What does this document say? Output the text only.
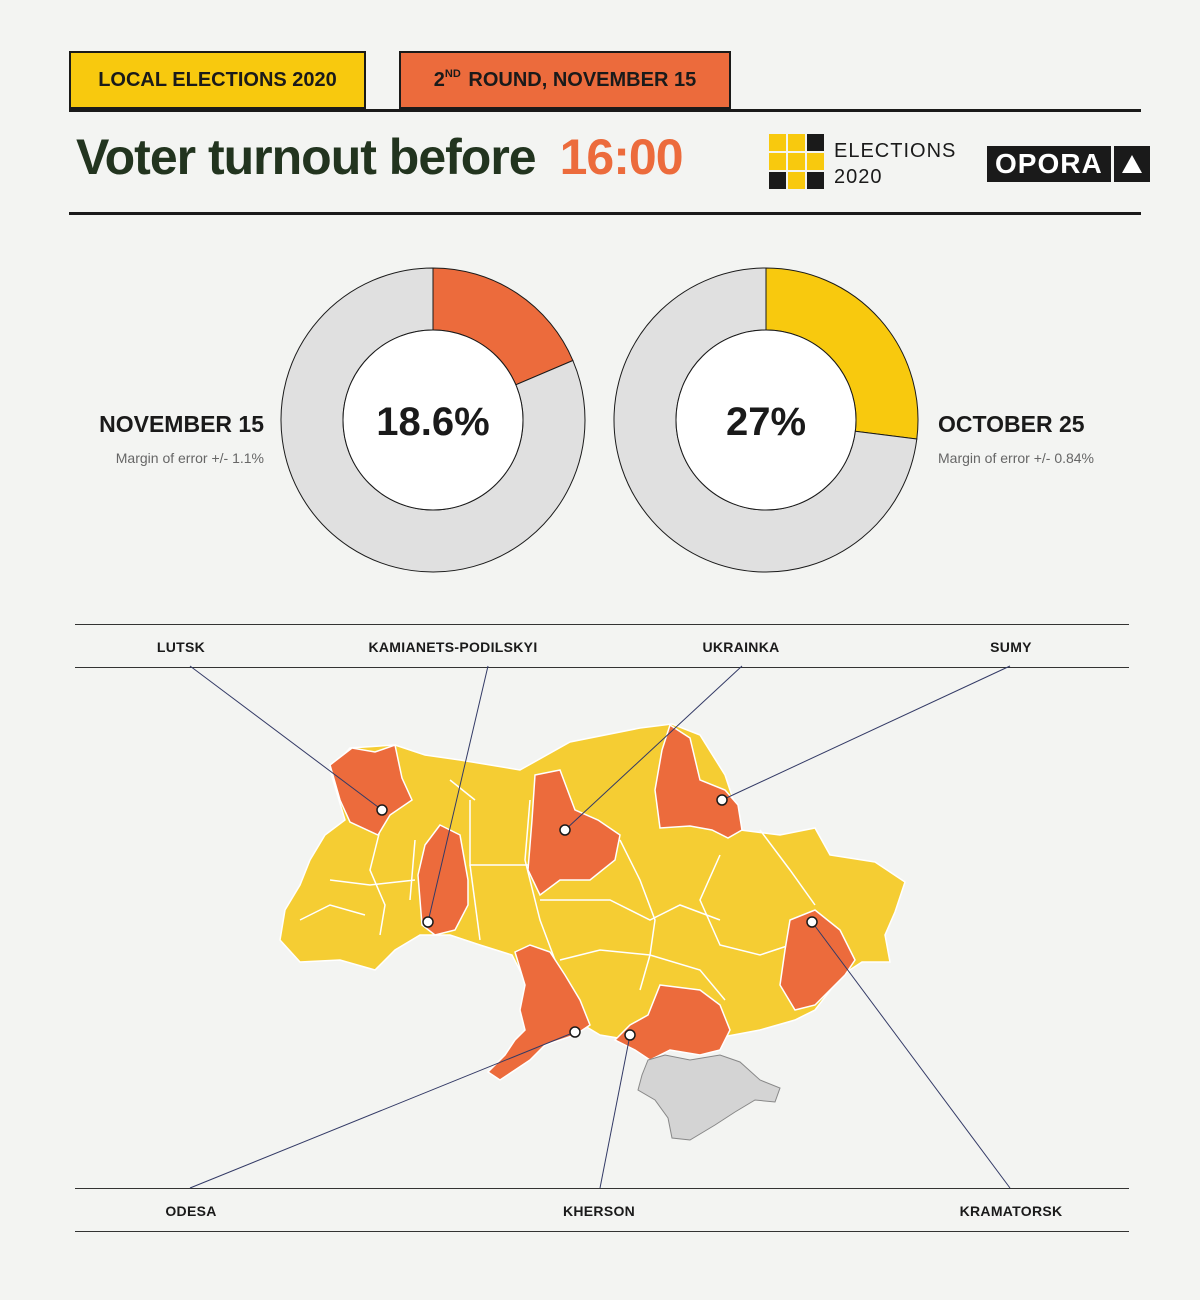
LOCAL ELECTIONS 2020	2ND
ROUND, NOVEMBER 15
Voter turnout before 16:00	ELECTIONS
2020	OPORA
18.6%	27%
NOVEMBER 15
Margin of error +/- 1.1%
OCTOBER 25
Margin of error +/- 0.84%
LUTSK	KAMIANETS-PODILSKYI	UKRAINKA	SUMY
ODESA	KHERSON	KRAMATORSK
